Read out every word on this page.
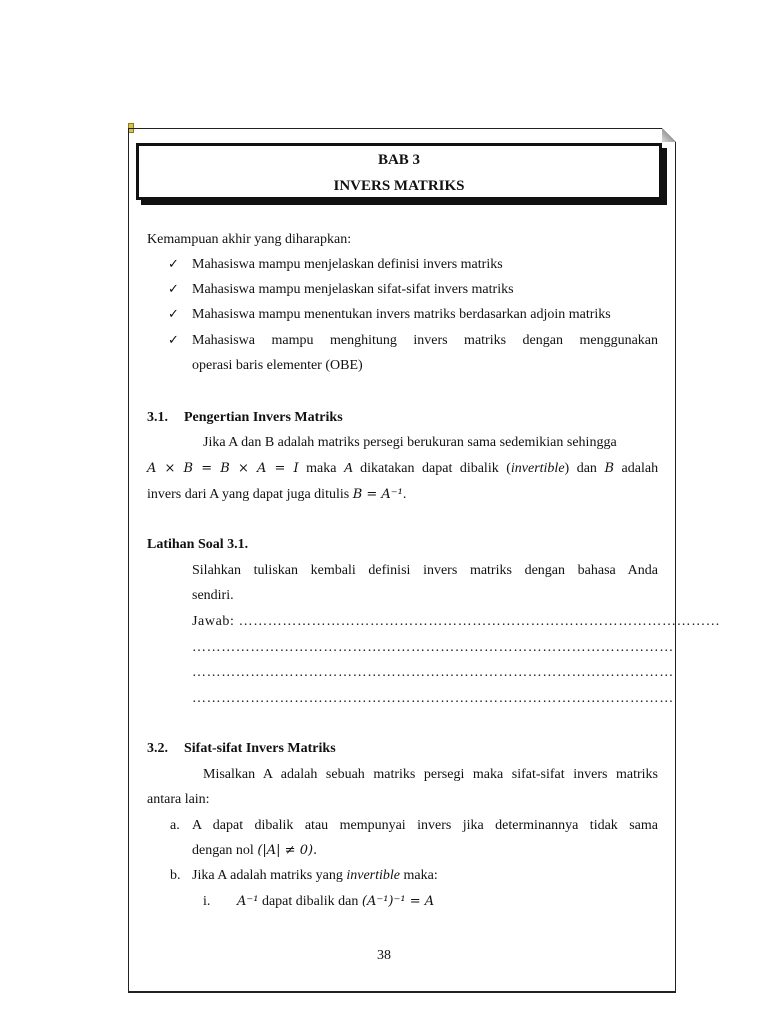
BAB 3
INVERS MATRIKS
Kemampuan akhir yang diharapkan:
✓ Mahasiswa mampu menjelaskan definisi invers matriks
✓ Mahasiswa mampu menjelaskan sifat-sifat invers matriks
✓ Mahasiswa mampu menentukan invers matriks berdasarkan adjoin matriks
✓ Mahasiswa mampu menghitung invers matriks dengan menggunakan
operasi baris elementer (OBE)
3.1. Pengertian Invers Matriks
Jika A dan B adalah matriks persegi berukuran sama sedemikian sehingga
A × B = B × A = I maka A dikatakan dapat dibalik (invertible) dan B adalah
invers dari A yang dapat juga ditulis B = A⁻¹.
Latihan Soal 3.1.
Silahkan tuliskan kembali definisi invers matriks dengan bahasa Anda
sendiri.
Jawab: ………………………………………………………………………………………
………………………………………………………………………………………
………………………………………………………………………………………
………………………………………………………………………………………
3.2. Sifat-sifat Invers Matriks
Misalkan A adalah sebuah matriks persegi maka sifat-sifat invers matriks
antara lain:
a. A dapat dibalik atau mempunyai invers jika determinannya tidak sama
dengan nol (|A| ≠ 0).
b. Jika A adalah matriks yang invertible maka:
i. A⁻¹ dapat dibalik dan (A⁻¹)⁻¹ = A
38
